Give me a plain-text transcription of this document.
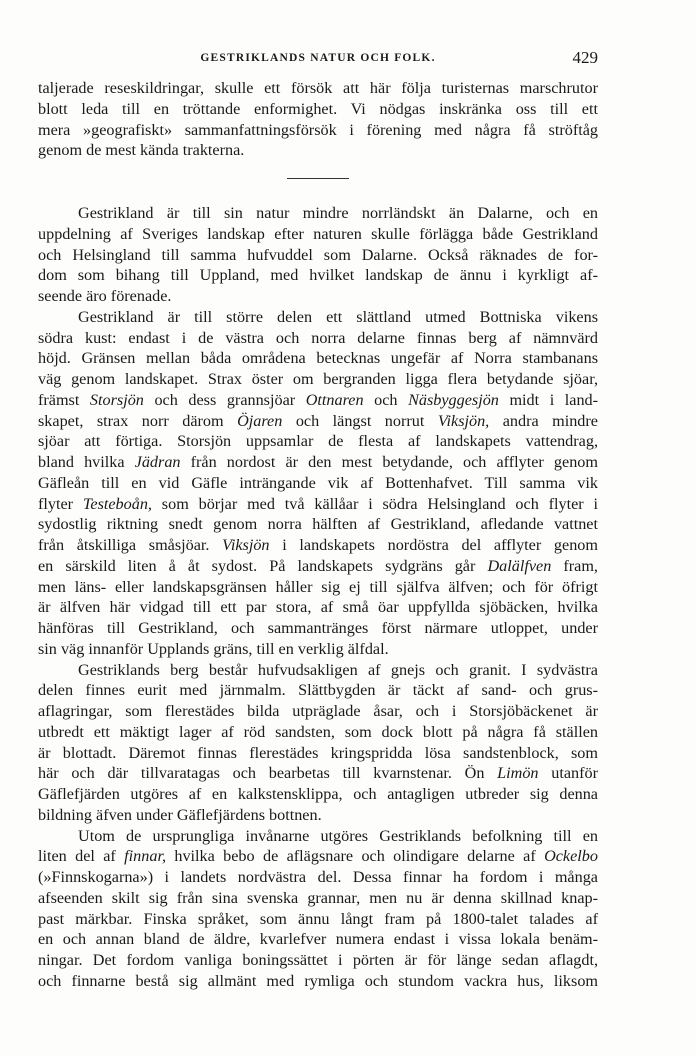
GESTRIKLANDS NATUR OCH FOLK.	429
taljerade reseskildringar, skulle ett försök att här följa turisternas marschrutor
blott leda till en tröttande enformighet. Vi nödgas inskränka oss till ett
mera »geografiskt» sammanfattningsförsök i förening med några få ströftåg
genom de mest kända trakterna.
Gestrikland är till sin natur mindre norrländskt än Dalarne, och en
uppdelning af Sveriges landskap efter naturen skulle förlägga både Gestrikland
och Helsingland till samma hufvuddel som Dalarne. Också räknades de for-
dom som bihang till Uppland, med hvilket landskap de ännu i kyrkligt af-
seende äro förenade.
Gestrikland är till större delen ett slättland utmed Bottniska vikens
södra kust: endast i de västra och norra delarne finnas berg af nämnvärd
höjd. Gränsen mellan båda områdena betecknas ungefär af Norra stambanans
väg genom landskapet. Strax öster om bergranden ligga flera betydande sjöar,
främst Storsjön och dess grannsjöar Ottnaren och Näsbyggesjön midt i land-
skapet, strax norr därom Öjaren och längst norrut Viksjön, andra mindre
sjöar att förtiga. Storsjön uppsamlar de flesta af landskapets vattendrag,
bland hvilka Jädran från nordost är den mest betydande, och afflyter genom
Gäfleån till en vid Gäfle inträngande vik af Bottenhafvet. Till samma vik
flyter Testeboån, som börjar med två källåar i södra Helsingland och flyter i
sydostlig riktning snedt genom norra hälften af Gestrikland, afledande vattnet
från åtskilliga småsjöar. Viksjön i landskapets nordöstra del afflyter genom
en särskild liten å åt sydost. På landskapets sydgräns går Dalälfven fram,
men läns- eller landskapsgränsen håller sig ej till själfva älfven; och för öfrigt
är älfven här vidgad till ett par stora, af små öar uppfyllda sjöbäcken, hvilka
hänföras till Gestrikland, och sammantränges först närmare utloppet, under
sin väg innanför Upplands gräns, till en verklig älfdal.
Gestriklands berg består hufvudsakligen af gnejs och granit. I sydvästra
delen finnes eurit med järnmalm. Slättbygden är täckt af sand- och grus-
aflagringar, som flerestädes bilda utpräglade åsar, och i Storsjöbäckenet är
utbredt ett mäktigt lager af röd sandsten, som dock blott på några få ställen
är blottadt. Däremot finnas flerestädes kringspridda lösa sandstenblock, som
här och där tillvaratagas och bearbetas till kvarnstenar. Ön Limön utanför
Gäflefjärden utgöres af en kalkstensklippa, och antagligen utbreder sig denna
bildning äfven under Gäflefjärdens bottnen.
Utom de ursprungliga invånarne utgöres Gestriklands befolkning till en
liten del af finnar, hvilka bebo de aflägsnare och olindigare delarne af Ockelbo
(»Finnskogarna») i landets nordvästra del. Dessa finnar ha fordom i många
afseenden skilt sig från sina svenska grannar, men nu är denna skillnad knap-
past märkbar. Finska språket, som ännu långt fram på 1800-talet talades af
en och annan bland de äldre, kvarlefver numera endast i vissa lokala benäm-
ningar. Det fordom vanliga boningssättet i pörten är för länge sedan aflagdt,
och finnarne bestå sig allmänt med rymliga och stundom vackra hus, liksom
